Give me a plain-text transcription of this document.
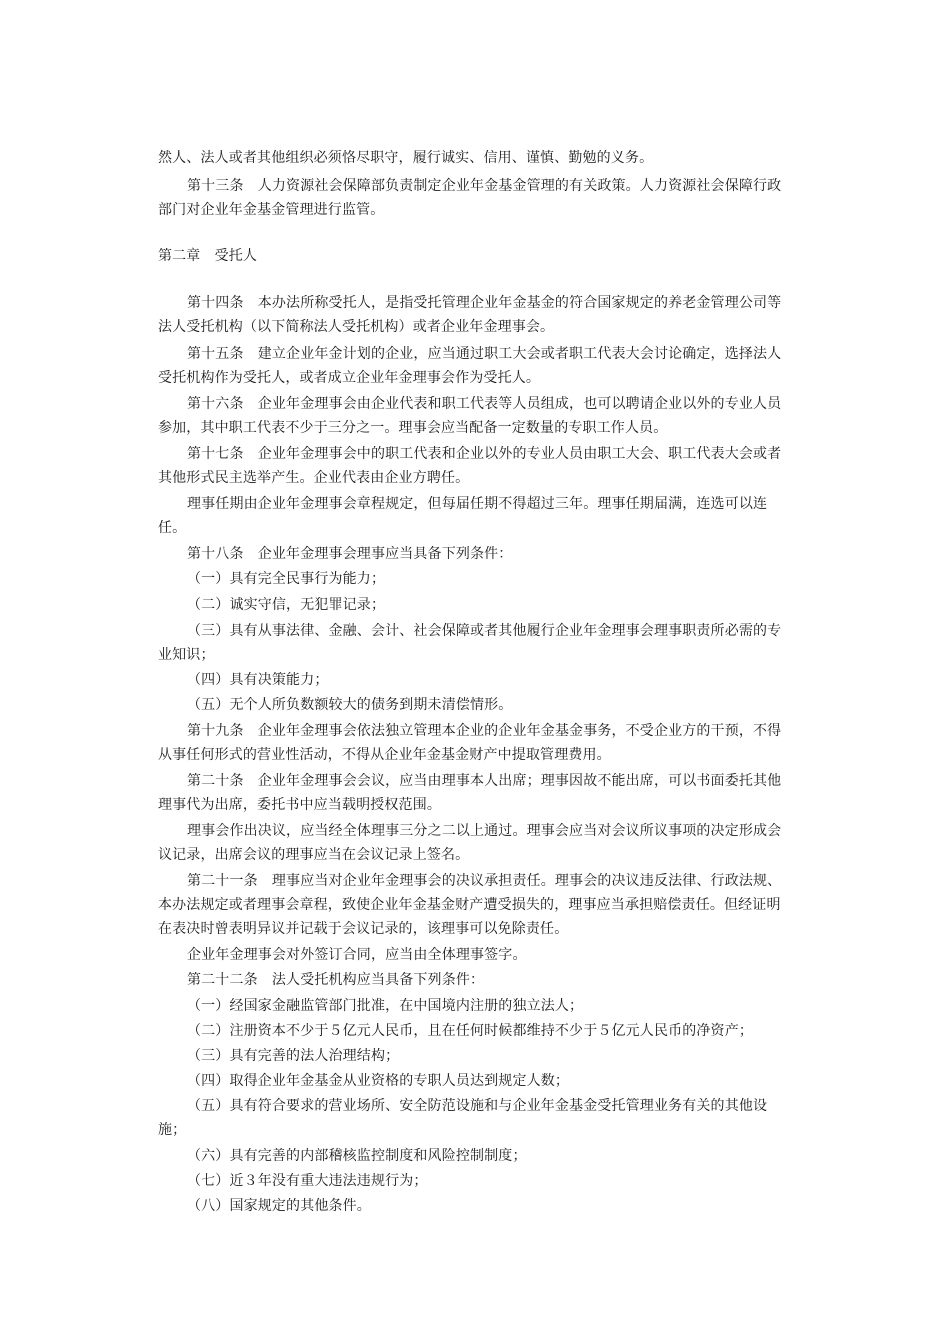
然人、法人或者其他组织必须恪尽职守，履行诚实、信用、谨慎、勤勉的义务。
第十三条　人力资源社会保障部负责制定企业年金基金管理的有关政策。人力资源社会保障行政
部门对企业年金基金管理进行监管。
第二章　受托人
第十四条　本办法所称受托人，是指受托管理企业年金基金的符合国家规定的养老金管理公司等
法人受托机构（以下简称法人受托机构）或者企业年金理事会。
第十五条　建立企业年金计划的企业，应当通过职工大会或者职工代表大会讨论确定，选择法人
受托机构作为受托人，或者成立企业年金理事会作为受托人。
第十六条　企业年金理事会由企业代表和职工代表等人员组成，也可以聘请企业以外的专业人员
参加，其中职工代表不少于三分之一。理事会应当配备一定数量的专职工作人员。
第十七条　企业年金理事会中的职工代表和企业以外的专业人员由职工大会、职工代表大会或者
其他形式民主选举产生。企业代表由企业方聘任。
理事任期由企业年金理事会章程规定，但每届任期不得超过三年。理事任期届满，连选可以连
任。
第十八条　企业年金理事会理事应当具备下列条件：
（一）具有完全民事行为能力；
（二）诚实守信，无犯罪记录；
（三）具有从事法律、金融、会计、社会保障或者其他履行企业年金理事会理事职责所必需的专
业知识；
（四）具有决策能力；
（五）无个人所负数额较大的债务到期未清偿情形。
第十九条　企业年金理事会依法独立管理本企业的企业年金基金事务，不受企业方的干预，不得
从事任何形式的营业性活动，不得从企业年金基金财产中提取管理费用。
第二十条　企业年金理事会会议，应当由理事本人出席；理事因故不能出席，可以书面委托其他
理事代为出席，委托书中应当载明授权范围。
理事会作出决议，应当经全体理事三分之二以上通过。理事会应当对会议所议事项的决定形成会
议记录，出席会议的理事应当在会议记录上签名。
第二十一条　理事应当对企业年金理事会的决议承担责任。理事会的决议违反法律、行政法规、
本办法规定或者理事会章程，致使企业年金基金财产遭受损失的，理事应当承担赔偿责任。但经证明
在表决时曾表明异议并记载于会议记录的，该理事可以免除责任。
企业年金理事会对外签订合同，应当由全体理事签字。
第二十二条　法人受托机构应当具备下列条件：
（一）经国家金融监管部门批准，在中国境内注册的独立法人；
（二）注册资本不少于５亿元人民币，且在任何时候都维持不少于５亿元人民币的净资产；
（三）具有完善的法人治理结构；
（四）取得企业年金基金从业资格的专职人员达到规定人数；
（五）具有符合要求的营业场所、安全防范设施和与企业年金基金受托管理业务有关的其他设
施；
（六）具有完善的内部稽核监控制度和风险控制制度；
（七）近３年没有重大违法违规行为；
（八）国家规定的其他条件。
